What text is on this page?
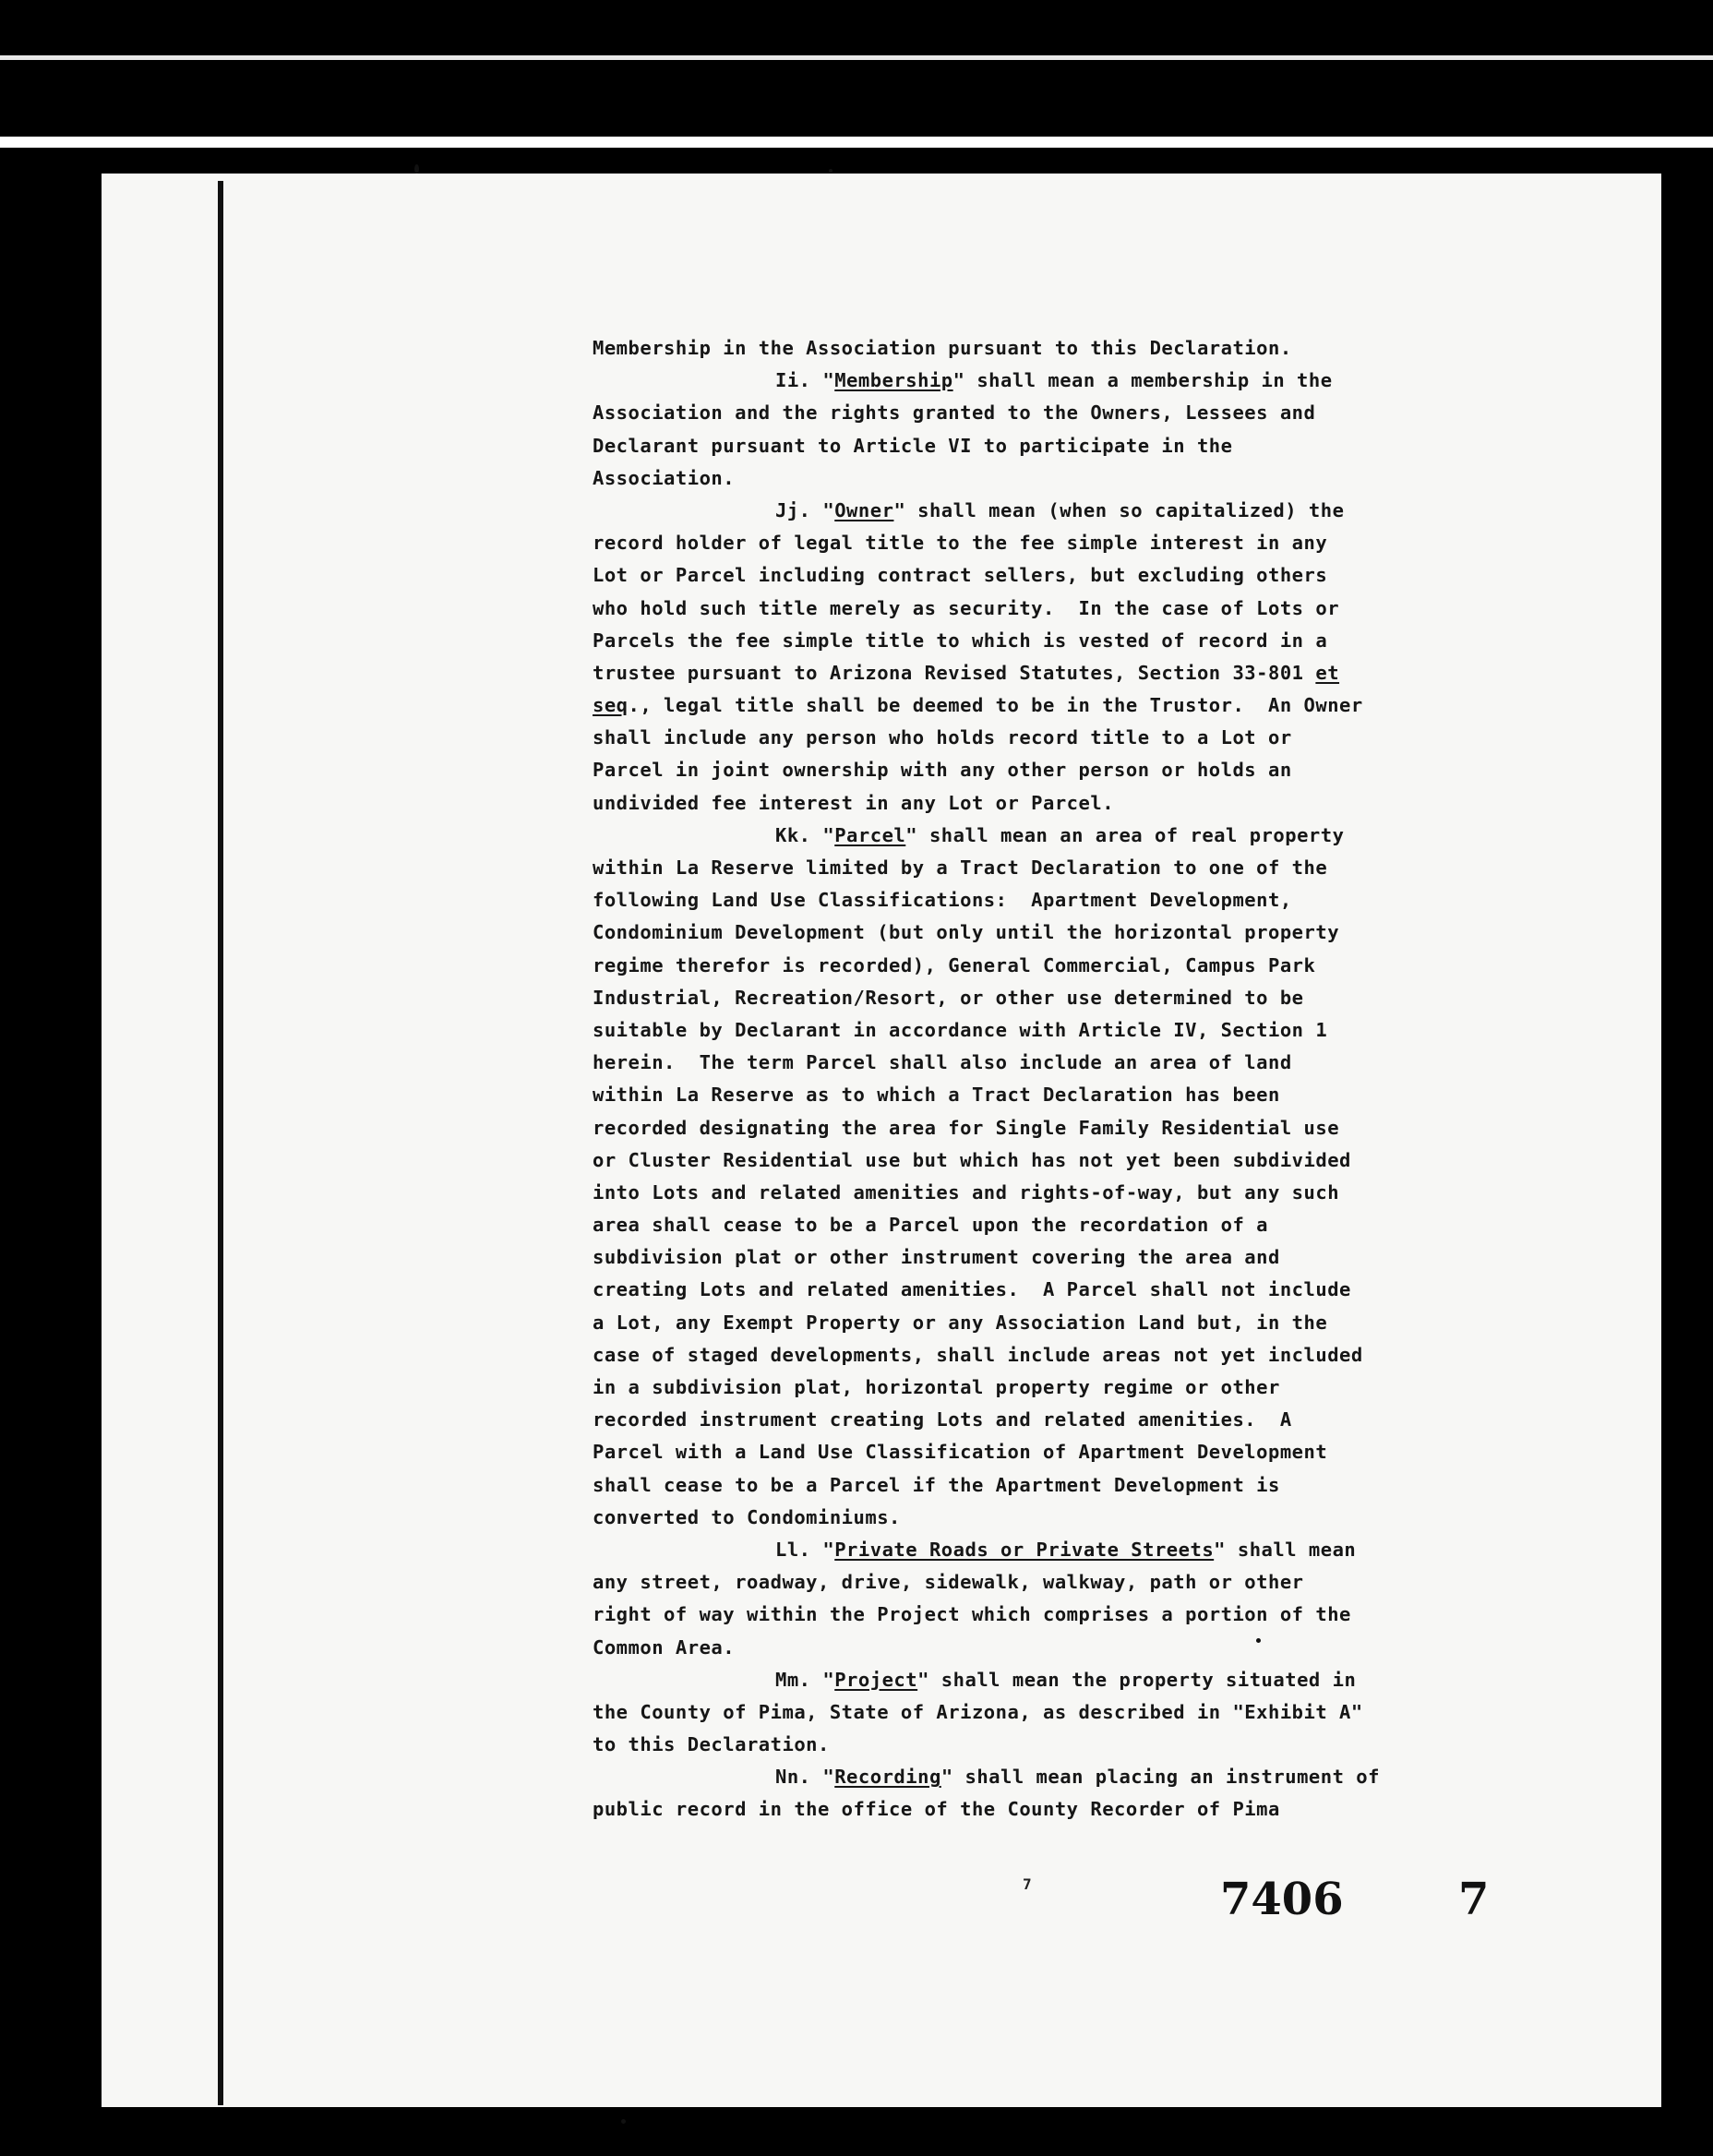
Membership in the Association pursuant to this Declaration.
Ii. "Membership" shall mean a membership in the
Association and the rights granted to the Owners, Lessees and
Declarant pursuant to Article VI to participate in the
Association.
Jj. "Owner" shall mean (when so capitalized) the
record holder of legal title to the fee simple interest in any
Lot or Parcel including contract sellers, but excluding others
who hold such title merely as security.  In the case of Lots or
Parcels the fee simple title to which is vested of record in a
trustee pursuant to Arizona Revised Statutes, Section 33-801 et
seq., legal title shall be deemed to be in the Trustor.  An Owner
shall include any person who holds record title to a Lot or
Parcel in joint ownership with any other person or holds an
undivided fee interest in any Lot or Parcel.
Kk. "Parcel" shall mean an area of real property
within La Reserve limited by a Tract Declaration to one of the
following Land Use Classifications:  Apartment Development,
Condominium Development (but only until the horizontal property
regime therefor is recorded), General Commercial, Campus Park
Industrial, Recreation/Resort, or other use determined to be
suitable by Declarant in accordance with Article IV, Section 1
herein.  The term Parcel shall also include an area of land
within La Reserve as to which a Tract Declaration has been
recorded designating the area for Single Family Residential use
or Cluster Residential use but which has not yet been subdivided
into Lots and related amenities and rights-of-way, but any such
area shall cease to be a Parcel upon the recordation of a
subdivision plat or other instrument covering the area and
creating Lots and related amenities.  A Parcel shall not include
a Lot, any Exempt Property or any Association Land but, in the
case of staged developments, shall include areas not yet included
in a subdivision plat, horizontal property regime or other
recorded instrument creating Lots and related amenities.  A
Parcel with a Land Use Classification of Apartment Development
shall cease to be a Parcel if the Apartment Development is
converted to Condominiums.
Ll. "Private Roads or Private Streets" shall mean
any street, roadway, drive, sidewalk, walkway, path or other
right of way within the Project which comprises a portion of the
Common Area.
Mm. "Project" shall mean the property situated in
the County of Pima, State of Arizona, as described in "Exhibit A"
to this Declaration.
Nn. "Recording" shall mean placing an instrument of
public record in the office of the County Recorder of Pima
7	7406	7
